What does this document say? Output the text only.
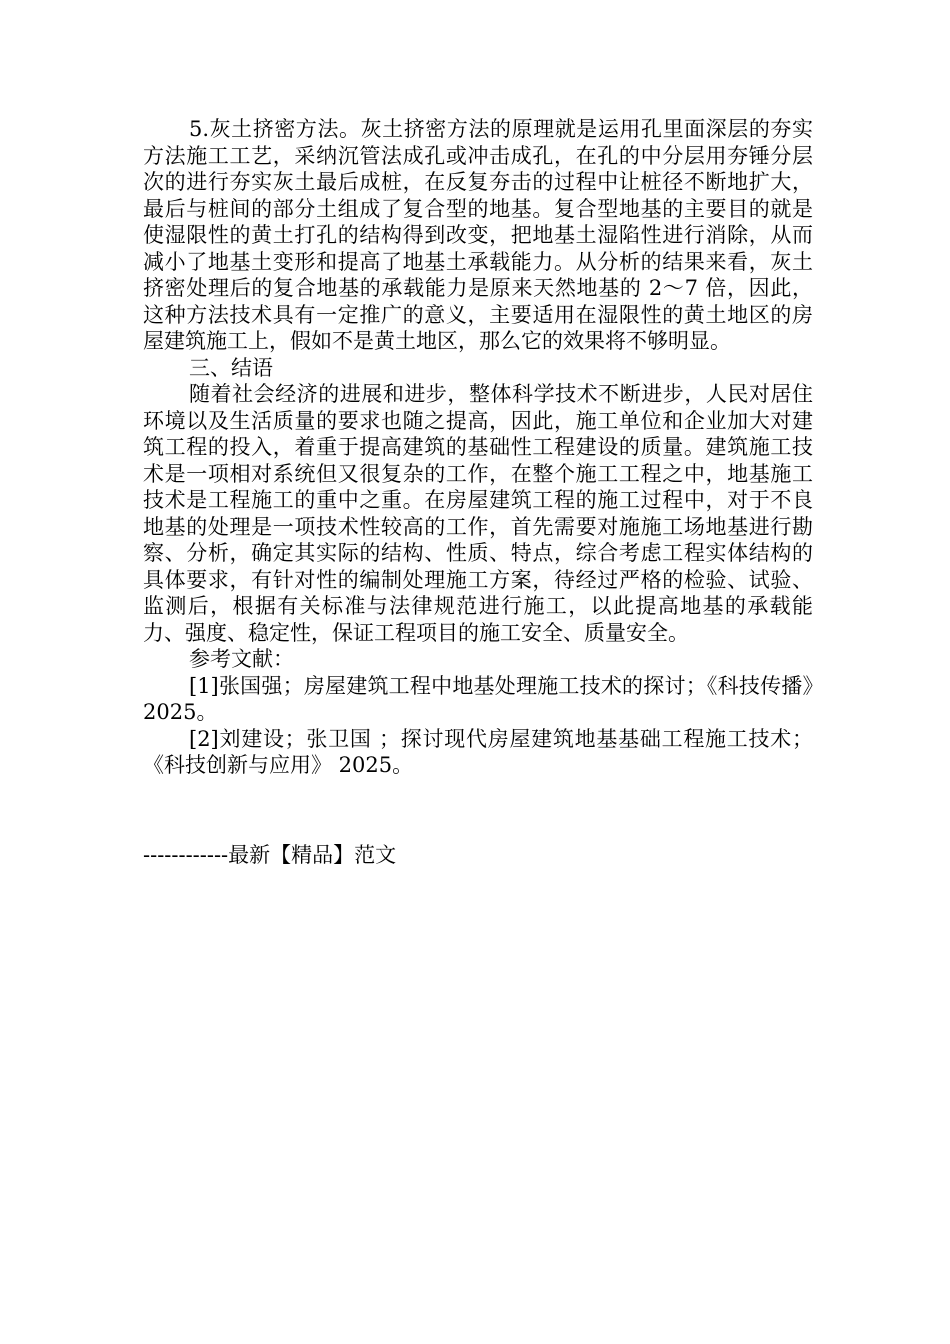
5.灰土挤密方法。灰土挤密方法的原理就是运用孔里面深层的夯实方法施工工艺，采纳沉管法成孔或冲击成孔，在孔的中分层用夯锤分层次的进行夯实灰土最后成桩，在反复夯击的过程中让桩径不断地扩大，最后与桩间的部分土组成了复合型的地基。复合型地基的主要目的就是使湿限性的黄土打孔的结构得到改变，把地基土湿陷性进行消除，从而减小了地基土变形和提高了地基土承载能力。从分析的结果来看，灰土挤密处理后的复合地基的承载能力是原来天然地基的 2～7 倍，因此，这种方法技术具有一定推广的意义，主要适用在湿限性的黄土地区的房屋建筑施工上，假如不是黄土地区，那么它的效果将不够明显。

三、结语

随着社会经济的进展和进步，整体科学技术不断进步，人民对居住环境以及生活质量的要求也随之提高，因此，施工单位和企业加大对建筑工程的投入，着重于提高建筑的基础性工程建设的质量。建筑施工技术是一项相对系统但又很复杂的工作，在整个施工工程之中，地基施工技术是工程施工的重中之重。在房屋建筑工程的施工过程中，对于不良地基的处理是一项技术性较高的工作，首先需要对施施工场地基进行勘察、分析，确定其实际的结构、性质、特点，综合考虑工程实体结构的具体要求，有针对性的编制处理施工方案，待经过严格的检验、试验、监测后，根据有关标准与法律规范进行施工，以此提高地基的承载能力、强度、稳定性，保证工程项目的施工安全、质量安全。

参考文献：

[1]张国强；房屋建筑工程中地基处理施工技术的探讨；《科技传播》2025。

[2]刘建设；张卫国 ；探讨现代房屋建筑地基基础工程施工技术；《科技创新与应用》 2025。

------------最新【精品】范文
